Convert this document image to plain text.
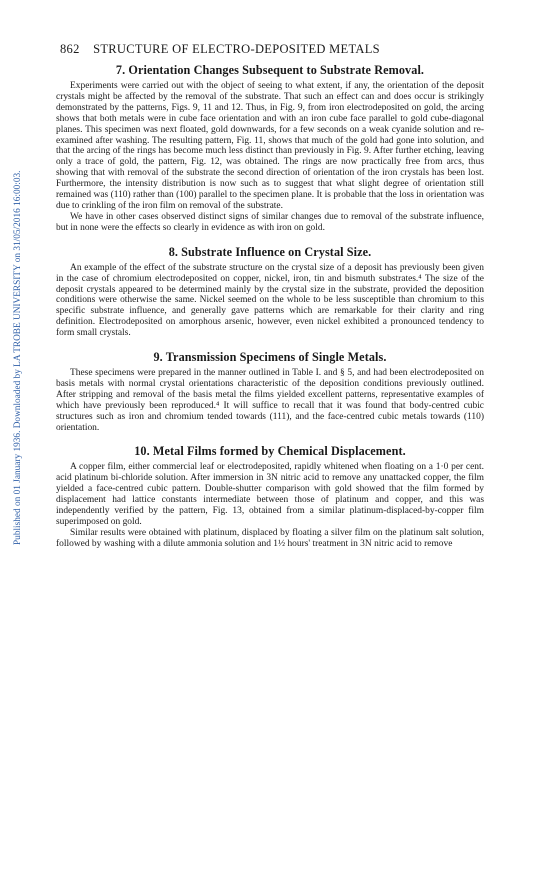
Published on 01 January 1936. Downloaded by LA TROBE UNIVERSITY on 31/05/2016 16:00:03.
862 STRUCTURE OF ELECTRO-DEPOSITED METALS
7. Orientation Changes Subsequent to Substrate Removal.

Experiments were carried out with the object of seeing to what extent, if any, the orientation of the deposit crystals might be affected by the removal of the substrate. That such an effect can and does occur is strikingly demonstrated by the patterns, Figs. 9, 11 and 12. Thus, in Fig. 9, from iron electrodeposited on gold, the arcing shows that both metals were in cube face orientation and with an iron cube face parallel to gold cube-diagonal planes. This specimen was next floated, gold downwards, for a few seconds on a weak cyanide solution and re-examined after washing. The resulting pattern, Fig. 11, shows that much of the gold had gone into solution, and that the arcing of the rings has become much less distinct than previously in Fig. 9. After further etching, leaving only a trace of gold, the pattern, Fig. 12, was obtained. The rings are now practically free from arcs, thus showing that with removal of the substrate the second direction of orientation of the iron crystals has been lost. Furthermore, the intensity distribution is now such as to suggest that what slight degree of orientation still remained was (110) rather than (100) parallel to the specimen plane. It is probable that the loss in orientation was due to crinkling of the iron film on removal of the substrate.

We have in other cases observed distinct signs of similar changes due to removal of the substrate influence, but in none were the effects so clearly in evidence as with iron on gold.

8. Substrate Influence on Crystal Size.

An example of the effect of the substrate structure on the crystal size of a deposit has previously been given in the case of chromium electrodeposited on copper, nickel, iron, tin and bismuth substrates.⁴ The size of the deposit crystals appeared to be determined mainly by the crystal size in the substrate, provided the deposition conditions were otherwise the same. Nickel seemed on the whole to be less susceptible than chromium to this specific substrate influence, and generally gave patterns which are remarkable for their clarity and ring definition. Electrodeposited on amorphous arsenic, however, even nickel exhibited a pronounced tendency to form small crystals.

9. Transmission Specimens of Single Metals.

These specimens were prepared in the manner outlined in Table I. and § 5, and had been electrodeposited on basis metals with normal crystal orientations characteristic of the deposition conditions previously outlined. After stripping and removal of the basis metal the films yielded excellent patterns, representative examples of which have previously been reproduced.⁴ It will suffice to recall that it was found that body-centred cubic structures such as iron and chromium tended towards (111), and the face-centred cubic metals towards (110) orientation.

10. Metal Films formed by Chemical Displacement.

A copper film, either commercial leaf or electrodeposited, rapidly whitened when floating on a 1·0 per cent. acid platinum bi-chloride solution. After immersion in 3N nitric acid to remove any unattacked copper, the film yielded a face-centred cubic pattern. Double-shutter comparison with gold showed that the film formed by displacement had lattice constants intermediate between those of platinum and copper, and this was independently verified by the pattern, Fig. 13, obtained from a similar platinum-displaced-by-copper film superimposed on gold.

Similar results were obtained with platinum, displaced by floating a silver film on the platinum salt solution, followed by washing with a dilute ammonia solution and 1½ hours' treatment in 3N nitric acid to remove
